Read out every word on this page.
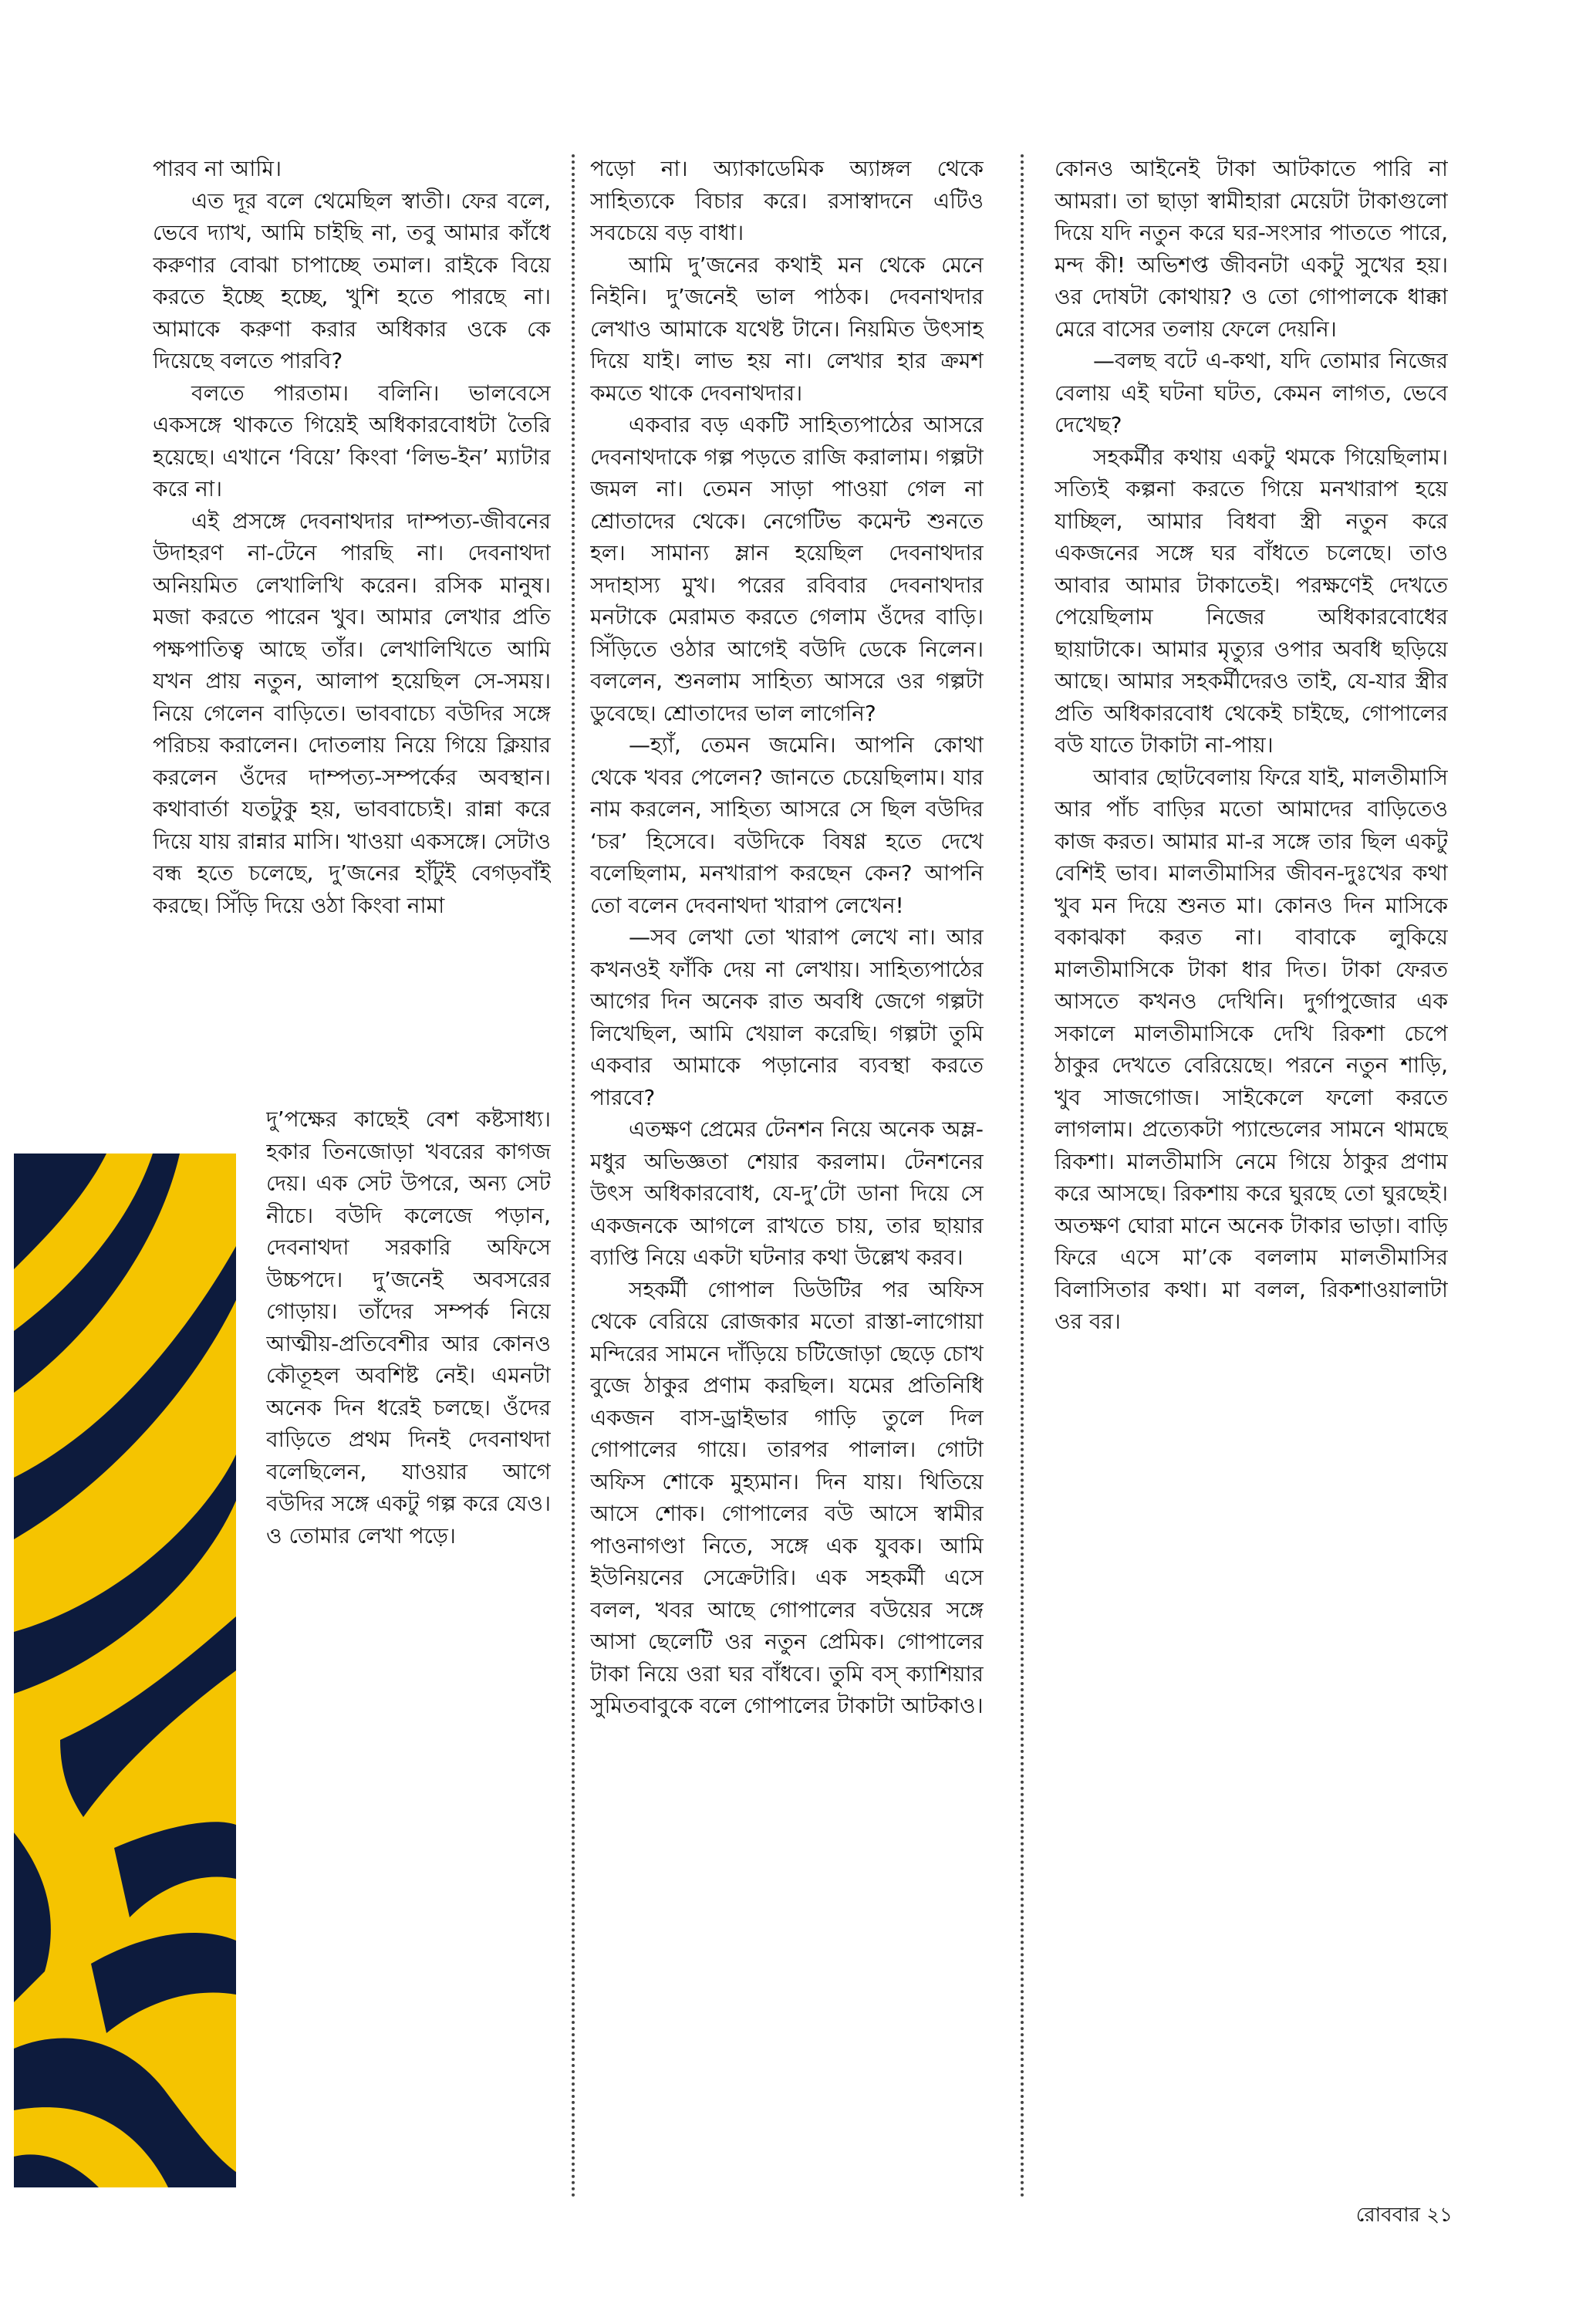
পারব না আমি।

এত দূর বলে থেমেছিল স্বাতী। ফের বলে, ভেবে দ্যাখ, আমি চাইছি না, তবু আমার কাঁধে করুণার বোঝা চাপাচ্ছে তমাল। রাইকে বিয়ে করতে ইচ্ছে হচ্ছে, খুশি হতে পারছে না। আমাকে করুণা করার অধিকার ওকে কে দিয়েছে বলতে পারবি?

বলতে পারতাম। বলিনি। ভালবেসে একসঙ্গে থাকতে গিয়েই অধিকারবোধটা তৈরি হয়েছে। এখানে ‘বিয়ে’ কিংবা ‘লিভ-ইন’ ম্যাটার করে না।

এই প্রসঙ্গে দেবনাথদার দাম্পত্য-জীবনের উদাহরণ না-টেনে পারছি না। দেবনাথদা অনিয়মিত লেখালিখি করেন। রসিক মানুষ। মজা করতে পারেন খুব। আমার লেখার প্রতি পক্ষপাতিত্ব আছে তাঁর। লেখালিখিতে আমি যখন প্রায় নতুন, আলাপ হয়েছিল সে-সময়। নিয়ে গেলেন বাড়িতে। ভাববাচ্যে বউদির সঙ্গে পরিচয় করালেন। দোতলায় নিয়ে গিয়ে ক্লিয়ার করলেন ওঁদের দাম্পত্য-সম্পর্কের অবস্থান। কথাবার্তা যতটুকু হয়, ভাববাচ্যেই। রান্না করে দিয়ে যায় রান্নার মাসি। খাওয়া একসঙ্গে। সেটাও বন্ধ হতে চলেছে, দু’জনের হাঁটুই বেগড়বাঁই করছে। সিঁড়ি দিয়ে ওঠা কিংবা নামা

দু’পক্ষের কাছেই বেশ কষ্টসাধ্য। হকার তিনজোড়া খবরের কাগজ দেয়। এক সেট উপরে, অন্য সেট নীচে। বউদি কলেজে পড়ান, দেবনাথদা সরকারি অফিসে উচ্চপদে। দু’জনেই অবসরের গোড়ায়। তাঁদের সম্পর্ক নিয়ে আত্মীয়-প্রতিবেশীর আর কোনও কৌতূহল অবশিষ্ট নেই। এমনটা অনেক দিন ধরেই চলছে। ওঁদের বাড়িতে প্রথম দিনই দেবনাথদা বলেছিলেন, যাওয়ার আগে বউদির সঙ্গে একটু গল্প করে যেও। ও তোমার লেখা পড়ে।

পড়ো না। অ্যাকাডেমিক অ্যাঙ্গল থেকে সাহিত্যকে বিচার করে। রসাস্বাদনে এটিও সবচেয়ে বড় বাধা।

আমি দু’জনের কথাই মন থেকে মেনে নিইনি। দু’জনেই ভাল পাঠক। দেবনাথদার লেখাও আমাকে যথেষ্ট টানে। নিয়মিত উৎসাহ দিয়ে যাই। লাভ হয় না। লেখার হার ক্রমশ কমতে থাকে দেবনাথদার।

একবার বড় একটি সাহিত্যপাঠের আসরে দেবনাথদাকে গল্প পড়তে রাজি করালাম। গল্পটা জমল না। তেমন সাড়া পাওয়া গেল না শ্রোতাদের থেকে। নেগেটিভ কমেন্ট শুনতে হল। সামান্য ম্লান হয়েছিল দেবনাথদার সদাহাস্য মুখ। পরের রবিবার দেবনাথদার মনটাকে মেরামত করতে গেলাম ওঁদের বাড়ি। সিঁড়িতে ওঠার আগেই বউদি ডেকে নিলেন। বললেন, শুনলাম সাহিত্য আসরে ওর গল্পটা ডুবেছে। শ্রোতাদের ভাল লাগেনি?

—হ্যাঁ, তেমন জমেনি। আপনি কোথা থেকে খবর পেলেন? জানতে চেয়েছিলাম। যার নাম করলেন, সাহিত্য আসরে সে ছিল বউদির ‘চর’ হিসেবে। বউদিকে বিষণ্ণ হতে দেখে বলেছিলাম, মনখারাপ করছেন কেন? আপনি তো বলেন দেবনাথদা খারাপ লেখেন!

—সব লেখা তো খারাপ লেখে না। আর কখনওই ফাঁকি দেয় না লেখায়। সাহিত্যপাঠের আগের দিন অনেক রাত অবধি জেগে গল্পটা লিখেছিল, আমি খেয়াল করেছি। গল্পটা তুমি একবার আমাকে পড়ানোর ব্যবস্থা করতে পারবে?

এতক্ষণ প্রেমের টেনশন নিয়ে অনেক অম্ল-মধুর অভিজ্ঞতা শেয়ার করলাম। টেনশনের উৎস অধিকারবোধ, যে-দু’টো ডানা দিয়ে সে একজনকে আগলে রাখতে চায়, তার ছায়ার ব্যাপ্তি নিয়ে একটা ঘটনার কথা উল্লেখ করব।

সহকর্মী গোপাল ডিউটির পর অফিস থেকে বেরিয়ে রোজকার মতো রাস্তা-লাগোয়া মন্দিরের সামনে দাঁড়িয়ে চটিজোড়া ছেড়ে চোখ বুজে ঠাকুর প্রণাম করছিল। যমের প্রতিনিধি একজন বাস-ড্রাইভার গাড়ি তুলে দিল গোপালের গায়ে। তারপর পালাল। গোটা অফিস শোকে মুহ্যমান। দিন যায়। থিতিয়ে আসে শোক। গোপালের বউ আসে স্বামীর পাওনাগণ্ডা নিতে, সঙ্গে এক যুবক। আমি ইউনিয়নের সেক্রেটারি। এক সহকর্মী এসে বলল, খবর আছে গোপালের বউয়ের সঙ্গে আসা ছেলেটি ওর নতুন প্রেমিক। গোপালের টাকা নিয়ে ওরা ঘর বাঁধবে। তুমি বস্‌ ক্যাশিয়ার সুমিতবাবুকে বলে গোপালের টাকাটা আটকাও।

কোনও আইনেই টাকা আটকাতে পারি না আমরা। তা ছাড়া স্বামীহারা মেয়েটা টাকাগুলো দিয়ে যদি নতুন করে ঘর-সংসার পাততে পারে, মন্দ কী! অভিশপ্ত জীবনটা একটু সুখের হয়। ওর দোষটা কোথায়? ও তো গোপালকে ধাক্কা মেরে বাসের তলায় ফেলে দেয়নি।

—বলছ বটে এ-কথা, যদি তোমার নিজের বেলায় এই ঘটনা ঘটত, কেমন লাগত, ভেবে দেখেছ?

সহকর্মীর কথায় একটু থমকে গিয়েছিলাম। সত্যিই কল্পনা করতে গিয়ে মনখারাপ হয়ে যাচ্ছিল, আমার বিধবা স্ত্রী নতুন করে একজনের সঙ্গে ঘর বাঁধতে চলেছে। তাও আবার আমার টাকাতেই। পরক্ষণেই দেখতে পেয়েছিলাম নিজের অধিকারবোধের ছায়াটাকে। আমার মৃত্যুর ওপার অবধি ছড়িয়ে আছে। আমার সহকর্মীদেরও তাই, যে-যার স্ত্রীর প্রতি অধিকারবোধ থেকেই চাইছে, গোপালের বউ যাতে টাকাটা না-পায়।

আবার ছোটবেলায় ফিরে যাই, মালতীমাসি আর পাঁচ বাড়ির মতো আমাদের বাড়িতেও কাজ করত। আমার মা-র সঙ্গে তার ছিল একটু বেশিই ভাব। মালতীমাসির জীবন-দুঃখের কথা খুব মন দিয়ে শুনত মা। কোনও দিন মাসিকে বকাঝকা করত না। বাবাকে লুকিয়ে মালতীমাসিকে টাকা ধার দিত। টাকা ফেরত আসতে কখনও দেখিনি। দুর্গাপুজোর এক সকালে মালতীমাসিকে দেখি রিকশা চেপে ঠাকুর দেখতে বেরিয়েছে। পরনে নতুন শাড়ি, খুব সাজগোজ। সাইকেলে ফলো করতে লাগলাম। প্রত্যেকটা প্যান্ডেলের সামনে থামছে রিকশা। মালতীমাসি নেমে গিয়ে ঠাকুর প্রণাম করে আসছে। রিকশায় করে ঘুরছে তো ঘুরছেই। অতক্ষণ ঘোরা মানে অনেক টাকার ভাড়া। বাড়ি ফিরে এসে মা’কে বললাম মালতীমাসির বিলাসিতার কথা। মা বলল, রিকশাওয়ালাটা ওর বর।

রোববার ২১
